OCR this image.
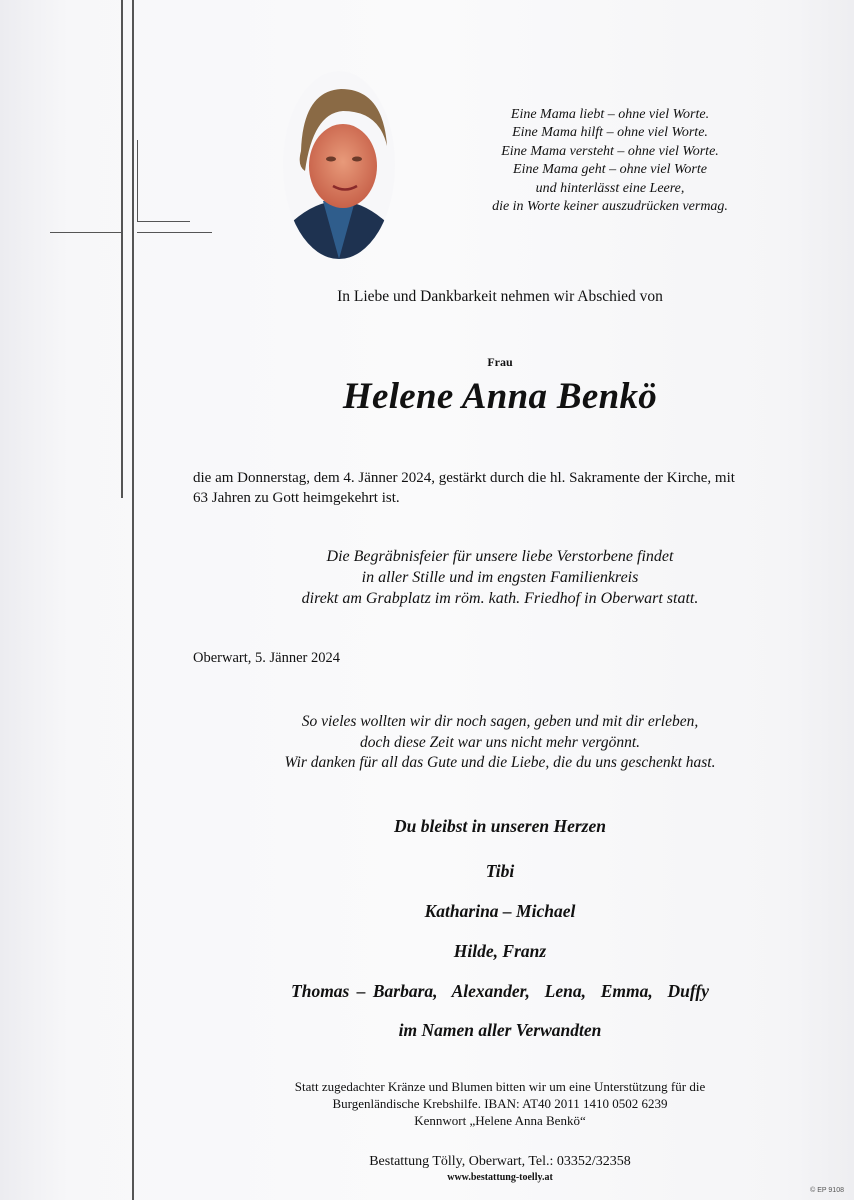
Eine Mama liebt – ohne viel Worte.
Eine Mama hilft – ohne viel Worte.
Eine Mama versteht – ohne viel Worte.
Eine Mama geht – ohne viel Worte
und hinterlässt eine Leere,
die in Worte keiner auszudrücken vermag.
In Liebe und Dankbarkeit nehmen wir Abschied von
Frau
Helene Anna Benkö
die am Donnerstag, dem 4. Jänner 2024, gestärkt durch die hl. Sakramente der Kirche, mit
63 Jahren zu Gott heimgekehrt ist.
Die Begräbnisfeier für unsere liebe Verstorbene findet
in aller Stille und im engsten Familienkreis
direkt am Grabplatz im röm. kath. Friedhof in Oberwart statt.
Oberwart, 5. Jänner 2024
So vieles wollten wir dir noch sagen, geben und mit dir erleben,
doch diese Zeit war uns nicht mehr vergönnt.
Wir danken für all das Gute und die Liebe, die du uns geschenkt hast.
Du bleibst in unseren Herzen
Tibi
Katharina – Michael
Hilde, Franz
Thomas – Barbara,  Alexander,  Lena,  Emma,  Duffy
im Namen aller Verwandten
Statt zugedachter Kränze und Blumen bitten wir um eine Unterstützung für die
Burgenländische Krebshilfe. IBAN: AT40 2011 1410 0502 6239
Kennwort „Helene Anna Benkö“
Bestattung Tölly, Oberwart, Tel.: 03352/32358
www.bestattung-toelly.at
© EP 9108
